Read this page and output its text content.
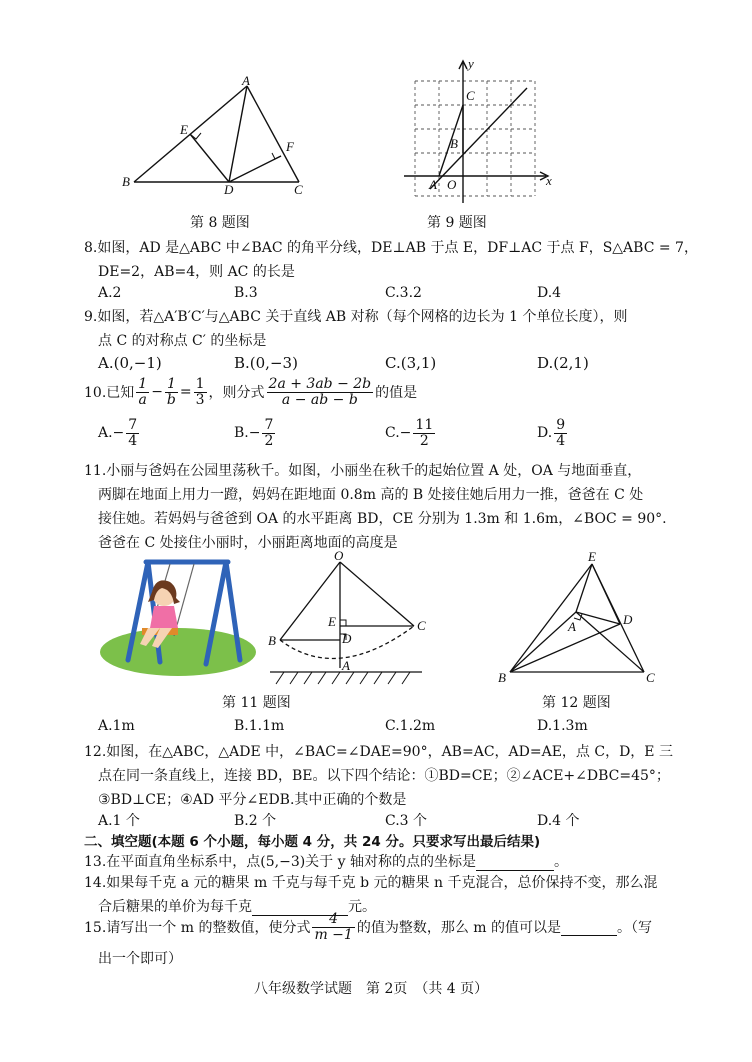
A
E
F
B
D	C
第 8 题图
y
C
B
A O	x
第 9 题图
8.如图，AD 是△ABC 中∠BAC 的角平分线，DE⊥AB 于点 E，DF⊥AC 于点 F，S△ABC = 7，
DE=2，AB=4，则 AC 的长是
A.2	B.3	C.3.2	D.4
9.如图，若△A′B′C′与△ABC 关于直线 AB 对称（每个网格的边长为 1 个单位长度），则
点 C 的对称点 C′ 的坐标是
A.(0,−1)	B.(0,−3)	C.(3,1)	D.(2,1)
10.已知 $\frac{1}{a} - \frac{1}{b} = \frac{1}{3}$ ，则分式 $\frac{2a + 3ab - 2b}{a - ab - b}$ 的值是
$A.- \frac{7}{4}$	$B.- \frac{7}{2}$	$C.- \frac{11}{2}$	D. $\frac{9}{4}$
11.小丽与爸妈在公园里荡秋千。如图，小丽坐在秋千的起始位置 A 处，OA 与地面垂直，
两脚在地面上用力一蹬，妈妈在距地面 0.8m 高的 B 处接住她后用力一推，爸爸在 C 处
接住她。若妈妈与爸爸到 OA 的水平距离 BD，CE 分别为 1.3m 和 1.6m，∠BOC = 90°.
爸爸在 C 处接住小丽时，小丽距离地面的高度是
O
E
D
C
B
A
第 11 题图
E
A	D
B	C
第 12 题图
A.1m	B.1.1m	C.1.2m	D.1.3m
12.如图，在△ABC，△ADE 中，∠BAC=∠DAE=90°，AB=AC，AD=AE，点 C，D，E 三
点在同一条直线上，连接 BD，BE。以下四个结论：①BD=CE；②∠ACE+∠DBC=45°；
③BD⊥CE；④AD 平分∠EDB.其中正确的个数是
A.1 个	B.2 个	C.3 个	D.4 个
二、填空题(本题 6 个小题，每小题 4 分，共 24 分。只要求写出最后结果)
13.在平面直角坐标系中，点(5,−3)关于 y 轴对称的点的坐标是	。
14.如果每千克 a 元的糖果 m 千克与每千克 b 元的糖果 n 千克混合，总价保持不变，那么混
合后糖果的单价为每千克	元。
15.请写出一个 m 的整数值，使分式 $\frac{4}{m -1}$ 的值为整数，那么 m 的值可以是
	。（写
出一个即可）
八年级数学试题　第 2页　（共 4 页）
